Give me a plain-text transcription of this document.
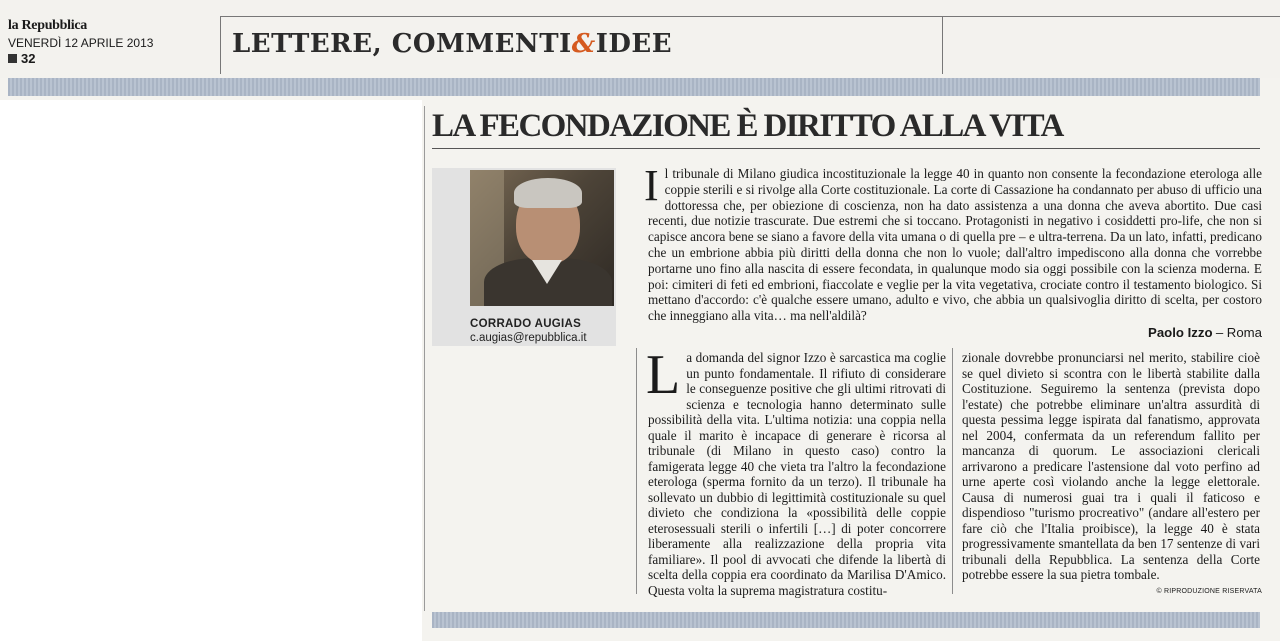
la Repubblica
VENERDÌ 12 APRILE 2013
32	LETTERE, COMMENTI&IDEE
LA FECONDAZIONE È DIRITTO ALLA VITA
CORRADO AUGIAS
c.augias@repubblica.it
Il tribunale di Milano giudica incostituzionale la legge 40 in quanto non consente la fecondazione eterologa alle coppie sterili e si rivolge alla Corte costituzionale. La corte di Cassazione ha condannato per abuso di ufficio una dottoressa che, per obiezione di coscienza, non ha dato assistenza a una donna che aveva abortito. Due casi recenti, due notizie trascurate. Due estremi che si toccano. Protagonisti in negativo i cosiddetti pro-life, che non si capisce ancora bene se siano a favore della vita umana o di quella pre – e ultra-terrena. Da un lato, infatti, predicano che un embrione abbia più diritti della donna che non lo vuole; dall'altro impediscono alla donna che vorrebbe portarne uno fino alla nascita di essere fecondata, in qualunque modo sia oggi possibile con la scienza moderna. E poi: cimiteri di feti ed embrioni, fiaccolate e veglie per la vita vegetativa, crociate contro il testamento biologico. Si mettano d'accordo: c'è qualche essere umano, adulto e vivo, che abbia un qualsivoglia diritto di scelta, per costoro che inneggiano alla vita… ma nell'aldilà?
Paolo Izzo – Roma
La domanda del signor Izzo è sarcastica ma coglie un punto fondamentale. Il rifiuto di considerare le conseguenze positive che gli ultimi ritrovati di scienza e tecnologia hanno determinato sulle possibilità della vita. L'ultima notizia: una coppia nella quale il marito è incapace di generare è ricorsa al tribunale (di Milano in questo caso) contro la famigerata legge 40 che vieta tra l'altro la fecondazione eterologa (sperma fornito da un terzo). Il tribunale ha sollevato un dubbio di legittimità costituzionale su quel divieto che condiziona la «possibilità delle coppie eterosessuali sterili o infertili […] di poter concorrere liberamente alla realizzazione della propria vita familiare». Il pool di avvocati che difende la libertà di scelta della coppia era coordinato da Marilisa D'Amico. Questa volta la suprema magistratura costitu-
zionale dovrebbe pronunciarsi nel merito, stabilire cioè se quel divieto si scontra con le libertà stabilite dalla Costituzione. Seguiremo la sentenza (prevista dopo l'estate) che potrebbe eliminare un'altra assurdità di questa pessima legge ispirata dal fanatismo, approvata nel 2004, confermata da un referendum fallito per mancanza di quorum. Le associazioni clericali arrivarono a predicare l'astensione dal voto perfino ad urne aperte così violando anche la legge elettorale. Causa di numerosi guai tra i quali il faticoso e dispendioso "turismo procreativo" (andare all'estero per fare ciò che l'Italia proibisce), la legge 40 è stata progressivamente smantellata da ben 17 sentenze di vari tribunali della Repubblica. La sentenza della Corte potrebbe essere la sua pietra tombale.
© RIPRODUZIONE RISERVATA
